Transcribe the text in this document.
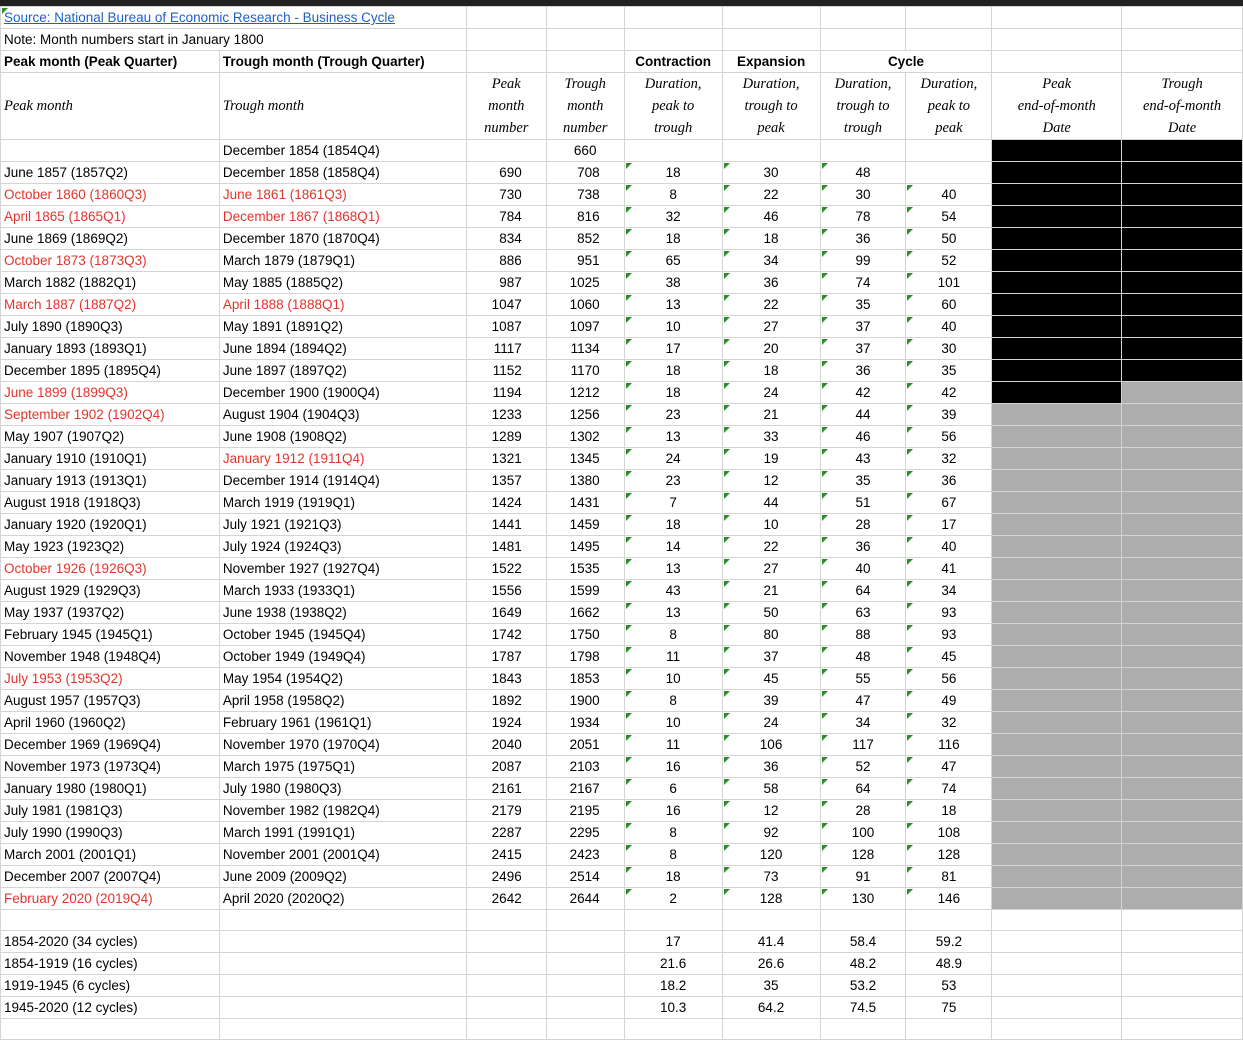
Source: National Bureau of Economic Research - Business Cycle									
Note: Month numbers start in January 1800									
Peak month (Peak Quarter)	Trough month (Trough Quarter)			Contraction	Expansion	Cycle			
Peak month	Trough month	Peak
month
number	Trough
month
number	Duration,
peak to
trough	Duration,
trough to
peak	Duration,
trough to
trough	Duration,
peak to
peak	Peak
end-of-month
Date	Trough
end-of-month
Date
	December 1854 (1854Q4)		660						
June 1857 (1857Q2)	December 1858 (1858Q4)	690	708	18	30	48			
October 1860 (1860Q3)	June 1861 (1861Q3)	730	738	8	22	30	40		
April 1865 (1865Q1)	December 1867 (1868Q1)	784	816	32	46	78	54		
June 1869 (1869Q2)	December 1870 (1870Q4)	834	852	18	18	36	50		
October 1873 (1873Q3)	March 1879 (1879Q1)	886	951	65	34	99	52		
March 1882 (1882Q1)	May 1885 (1885Q2)	987	1025	38	36	74	101		
March 1887 (1887Q2)	April 1888 (1888Q1)	1047	1060	13	22	35	60		
July 1890 (1890Q3)	May 1891 (1891Q2)	1087	1097	10	27	37	40		
January 1893 (1893Q1)	June 1894 (1894Q2)	1117	1134	17	20	37	30		
December 1895 (1895Q4)	June 1897 (1897Q2)	1152	1170	18	18	36	35		
June 1899 (1899Q3)	December 1900 (1900Q4)	1194	1212	18	24	42	42		
September 1902 (1902Q4)	August 1904 (1904Q3)	1233	1256	23	21	44	39		
May 1907 (1907Q2)	June 1908 (1908Q2)	1289	1302	13	33	46	56		
January 1910 (1910Q1)	January 1912 (1911Q4)	1321	1345	24	19	43	32		
January 1913 (1913Q1)	December 1914 (1914Q4)	1357	1380	23	12	35	36		
August 1918 (1918Q3)	March 1919 (1919Q1)	1424	1431	7	44	51	67		
January 1920 (1920Q1)	July 1921 (1921Q3)	1441	1459	18	10	28	17		
May 1923 (1923Q2)	July 1924 (1924Q3)	1481	1495	14	22	36	40		
October 1926 (1926Q3)	November 1927 (1927Q4)	1522	1535	13	27	40	41		
August 1929 (1929Q3)	March 1933 (1933Q1)	1556	1599	43	21	64	34		
May 1937 (1937Q2)	June 1938 (1938Q2)	1649	1662	13	50	63	93		
February 1945 (1945Q1)	October 1945 (1945Q4)	1742	1750	8	80	88	93		
November 1948 (1948Q4)	October 1949 (1949Q4)	1787	1798	11	37	48	45		
July 1953 (1953Q2)	May 1954 (1954Q2)	1843	1853	10	45	55	56		
August 1957 (1957Q3)	April 1958 (1958Q2)	1892	1900	8	39	47	49		
April 1960 (1960Q2)	February 1961 (1961Q1)	1924	1934	10	24	34	32		
December 1969 (1969Q4)	November 1970 (1970Q4)	2040	2051	11	106	117	116		
November 1973 (1973Q4)	March 1975 (1975Q1)	2087	2103	16	36	52	47		
January 1980 (1980Q1)	July 1980 (1980Q3)	2161	2167	6	58	64	74		
July 1981 (1981Q3)	November 1982 (1982Q4)	2179	2195	16	12	28	18		
July 1990 (1990Q3)	March 1991 (1991Q1)	2287	2295	8	92	100	108		
March 2001 (2001Q1)	November 2001 (2001Q4)	2415	2423	8	120	128	128		
December 2007 (2007Q4)	June 2009 (2009Q2)	2496	2514	18	73	91	81		
February 2020 (2019Q4)	April 2020 (2020Q2)	2642	2644	2	128	130	146		

1854-2020 (34 cycles)				17	41.4	58.4	59.2		
1854-1919 (16 cycles)				21.6	26.6	48.2	48.9		
1919-1945 (6 cycles)				18.2	35	53.2	53		
1945-2020 (12 cycles)				10.3	64.2	74.5	75		
